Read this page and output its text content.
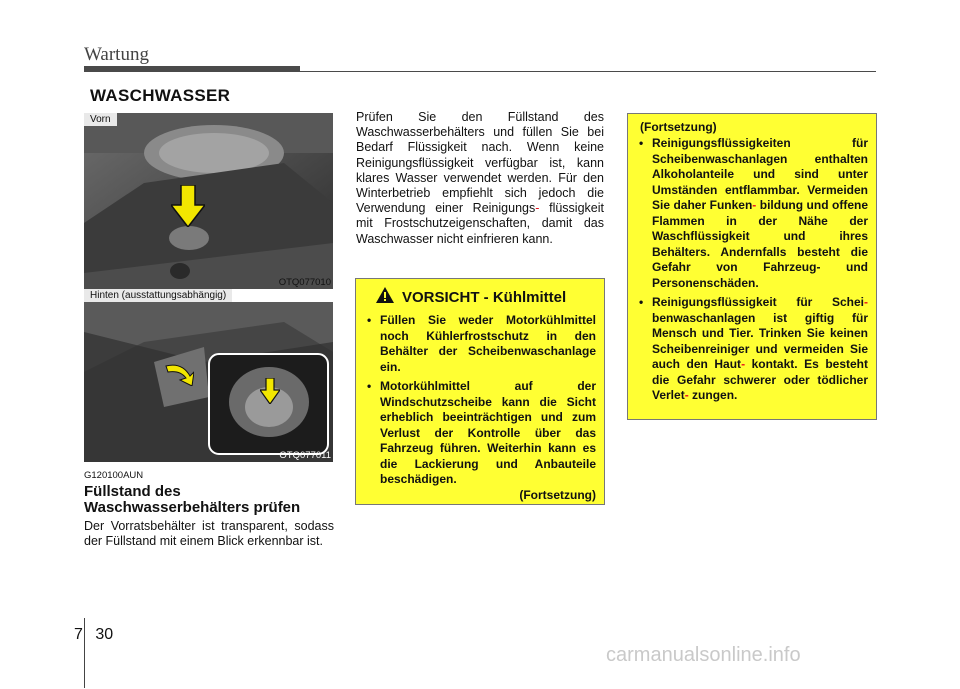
Wartung
WASCHWASSER
Vorn
OTQ077010
Hinten (ausstattungsabhängig)
OTQ077011
G120100AUN
Füllstand des Waschwasserbehälters prüfen
Der Vorratsbehälter ist transparent, sodass der Füllstand mit einem Blick erkennbar ist.
Prüfen Sie den Füllstand des Waschwasserbehälters und füllen Sie bei Bedarf Flüssigkeit nach. Wenn keine Reinigungsflüssigkeit verfügbar ist, kann klares Wasser verwendet werden. Für den Winterbetrieb empfiehlt sich jedoch die Verwendung einer Reinigungs- flüssigkeit mit Frostschutzeigenschaften, damit das Waschwasser nicht einfrieren kann.
VORSICHT - Kühlmittel
• Füllen Sie weder Motorkühlmittel noch Kühlerfrostschutz in den Behälter der Scheibenwaschanlage ein.
• Motorkühlmittel auf der Windschutzscheibe kann die Sicht erheblich beeinträchtigen und zum Verlust der Kontrolle über das Fahrzeug führen. Weiterhin kann es die Lackierung und Anbauteile beschädigen.
(Fortsetzung)
(Fortsetzung)
• Reinigungsflüssigkeiten für Scheibenwaschanlagen enthalten Alkoholanteile und sind unter Umständen entflammbar. Vermeiden Sie daher Funken- bildung und offene Flammen in der Nähe der Waschflüssigkeit und ihres Behälters. Andernfalls besteht die Gefahr von Fahrzeug- und Personenschäden.
• Reinigungsflüssigkeit für Schei- benwaschanlagen ist giftig für Mensch und Tier. Trinken Sie keinen Scheibenreiniger und vermeiden Sie auch den Haut- kontakt. Es besteht die Gefahr schwerer oder tödlicher Verlet- zungen.
7 30
carmanualsonline.info
